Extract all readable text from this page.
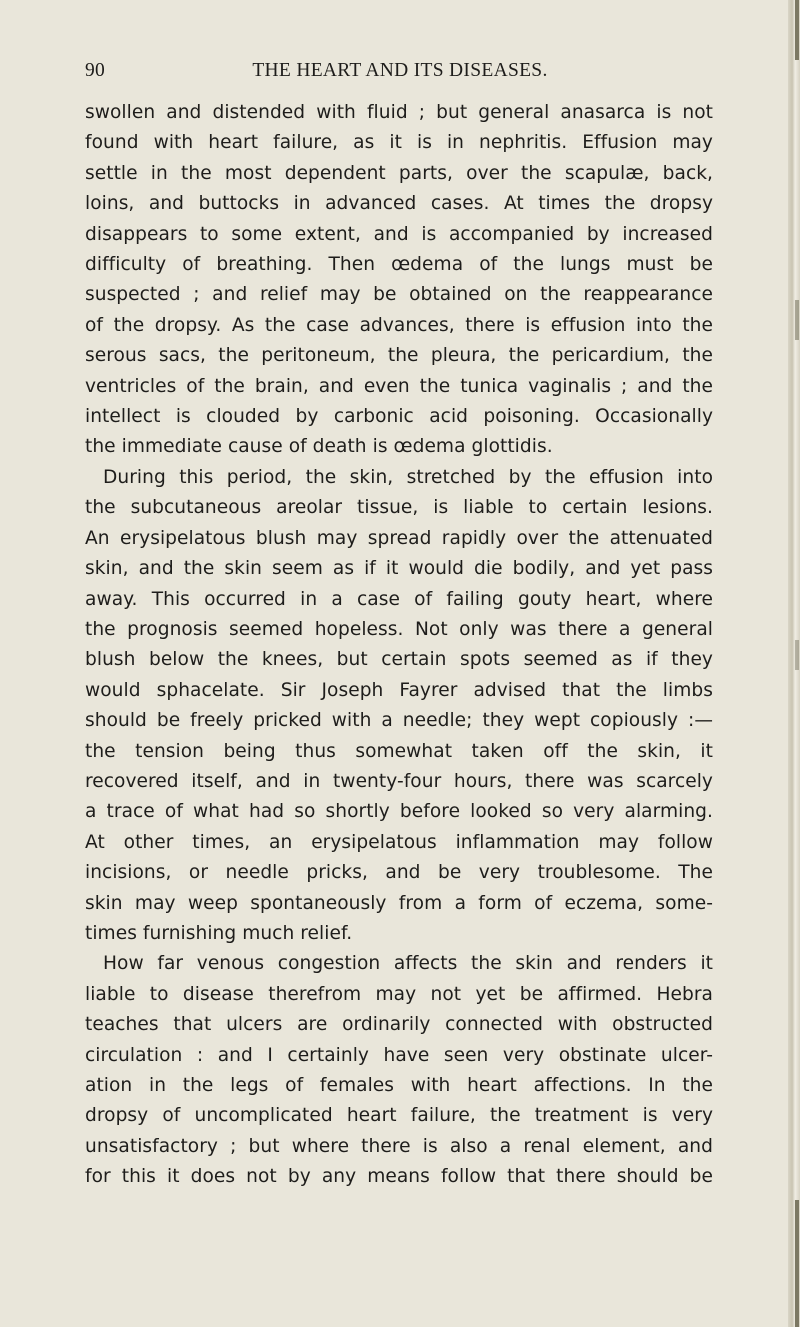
90	THE HEART AND ITS DISEASES.

swollen and distended with fluid ; but general anasarca is not

found with heart failure, as it is in nephritis. Effusion may

settle in the most dependent parts, over the scapulæ, back,

loins, and buttocks in advanced cases. At times the dropsy

disappears to some extent, and is accompanied by increased

difficulty of breathing. Then œdema of the lungs must be

suspected ; and relief may be obtained on the reappearance

of the dropsy. As the case advances, there is effusion into the

serous sacs, the peritoneum, the pleura, the pericardium, the

ventricles of the brain, and even the tunica vaginalis ; and the

intellect is clouded by carbonic acid poisoning. Occasionally

the immediate cause of death is œdema glottidis.

During this period, the skin, stretched by the effusion into

the subcutaneous areolar tissue, is liable to certain lesions.

An erysipelatous blush may spread rapidly over the attenuated

skin, and the skin seem as if it would die bodily, and yet pass

away. This occurred in a case of failing gouty heart, where

the prognosis seemed hopeless. Not only was there a general

blush below the knees, but certain spots seemed as if they

would sphacelate. Sir Joseph Fayrer advised that the limbs

should be freely pricked with a needle; they wept copiously :—

the tension being thus somewhat taken off the skin, it

recovered itself, and in twenty-four hours, there was scarcely

a trace of what had so shortly before looked so very alarming.

At other times, an erysipelatous inflammation may follow

incisions, or needle pricks, and be very troublesome. The

skin may weep spontaneously from a form of eczema, some-

times furnishing much relief.

How far venous congestion affects the skin and renders it

liable to disease therefrom may not yet be affirmed. Hebra

teaches that ulcers are ordinarily connected with obstructed

circulation : and I certainly have seen very obstinate ulcer-

ation in the legs of females with heart affections. In the

dropsy of uncomplicated heart failure, the treatment is very

unsatisfactory ; but where there is also a renal element, and

for this it does not by any means follow that there should be
